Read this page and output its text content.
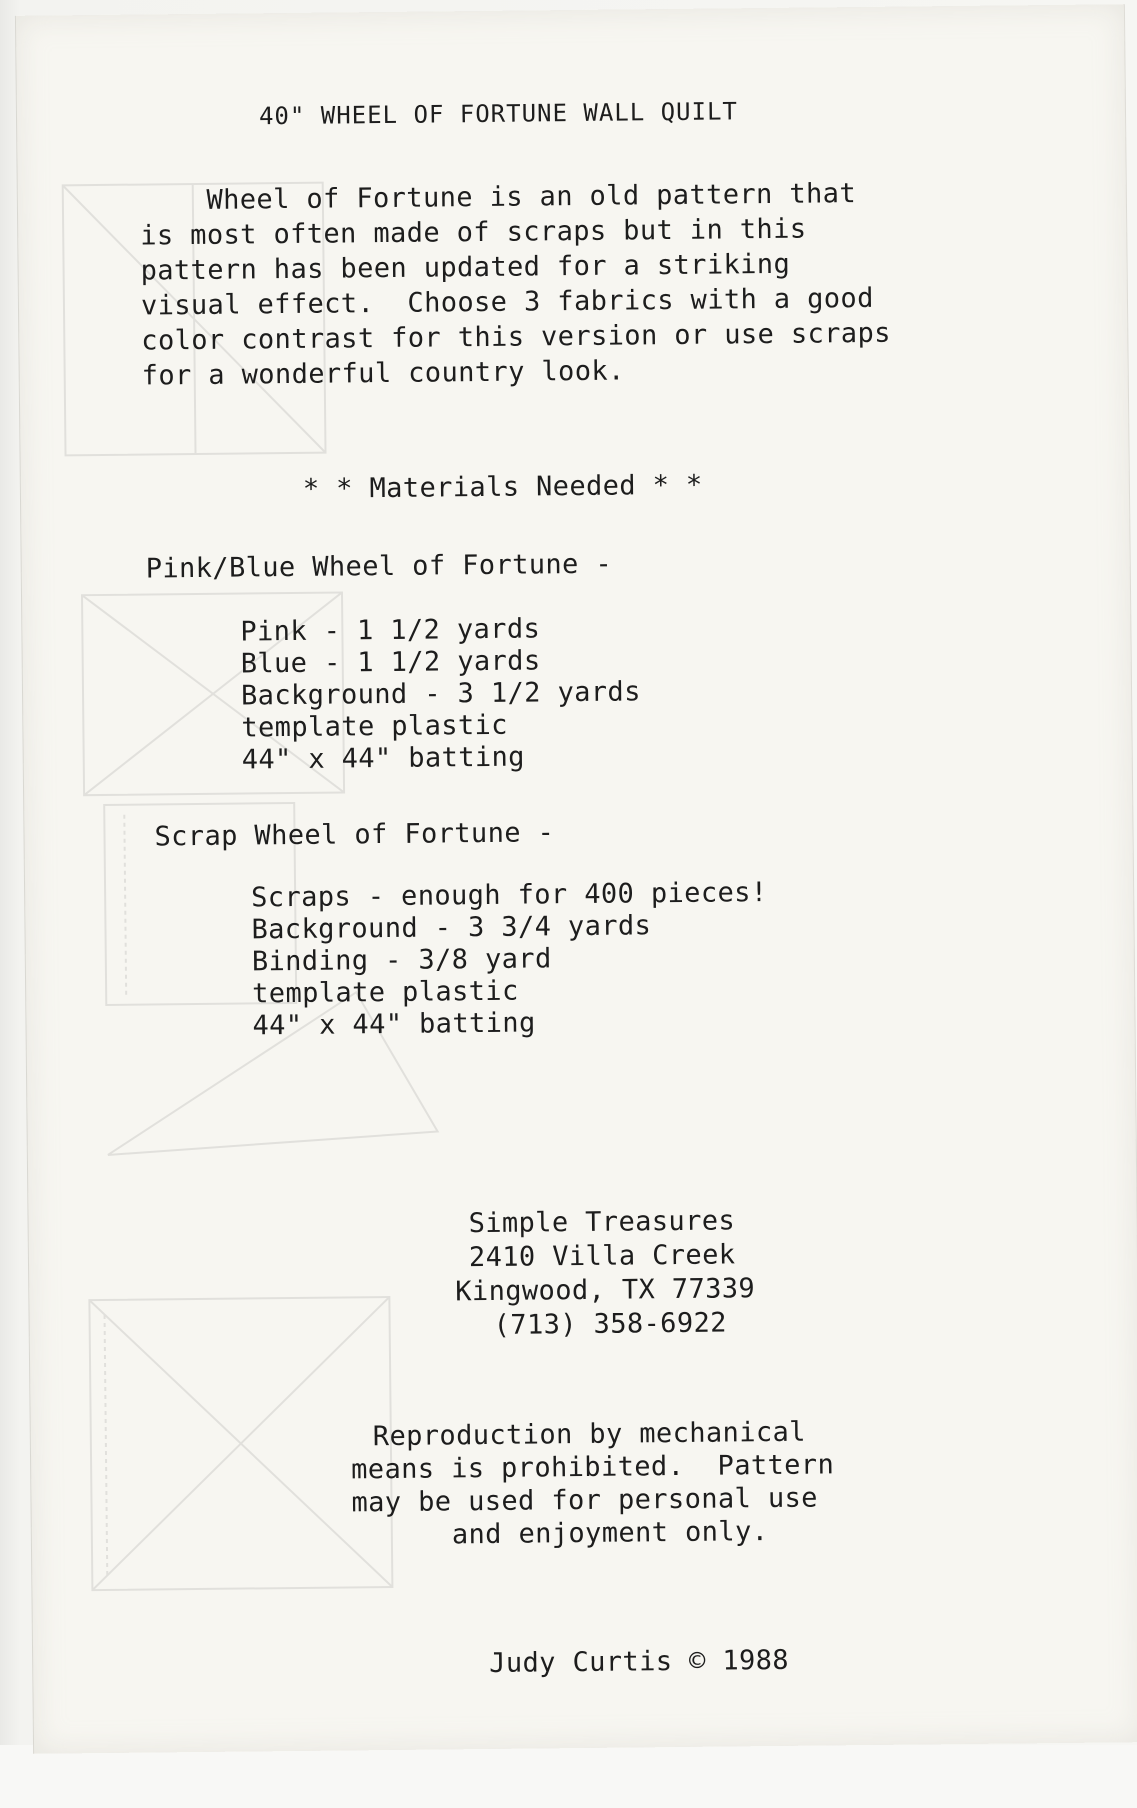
40" WHEEL OF FORTUNE WALL QUILT
Wheel of Fortune is an old pattern that
is most often made of scraps but in this
pattern has been updated for a striking
visual effect.  Choose 3 fabrics with a good
color contrast for this version or use scraps
for a wonderful country look.
* * Materials Needed * *
Pink/Blue Wheel of Fortune -
Pink - 1 1/2 yards
Blue - 1 1/2 yards
Background - 3 1/2 yards
template plastic
44" x 44" batting
Scrap Wheel of Fortune -
Scraps - enough for 400 pieces!
Background - 3 3/4 yards
Binding - 3/8 yard
template plastic
44" x 44" batting
Simple Treasures
2410 Villa Creek
Kingwood, TX 77339
(713) 358-6922
Reproduction by mechanical
means is prohibited.  Pattern
may be used for personal use
and enjoyment only.
Judy Curtis © 1988
